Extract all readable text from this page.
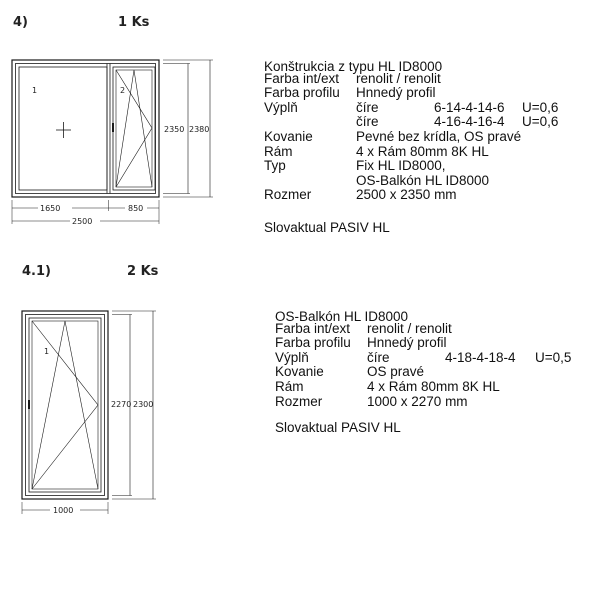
4)	1 Ks
1	2
2350 2380
1650	850
2500
Konštrukcia z typu HL ID8000
Farba int/ext renolit / renolit
Farba profilu Hnnedý profil
Výplň	číre	6-14-4-14-6 U=0,6
číre	4-16-4-16-4 U=0,6
Kovanie	Pevné bez krídla, OS pravé
Rám	4 x Rám 80mm 8K HL
Typ	Fix HL ID8000,
OS-Balkón HL ID8000
Rozmer	2500 x 2350 mm
Slovaktual PASIV HL
4.1)	2 Ks
1
2270 2300
1000
OS-Balkón HL ID8000
Farba int/ext renolit / renolit
Farba profilu Hnnedý profil
Výplň	číre	4-18-4-18-4 U=0,5
Kovanie	OS pravé
Rám	4 x Rám 80mm 8K HL
Rozmer	1000 x 2270 mm
Slovaktual PASIV HL
